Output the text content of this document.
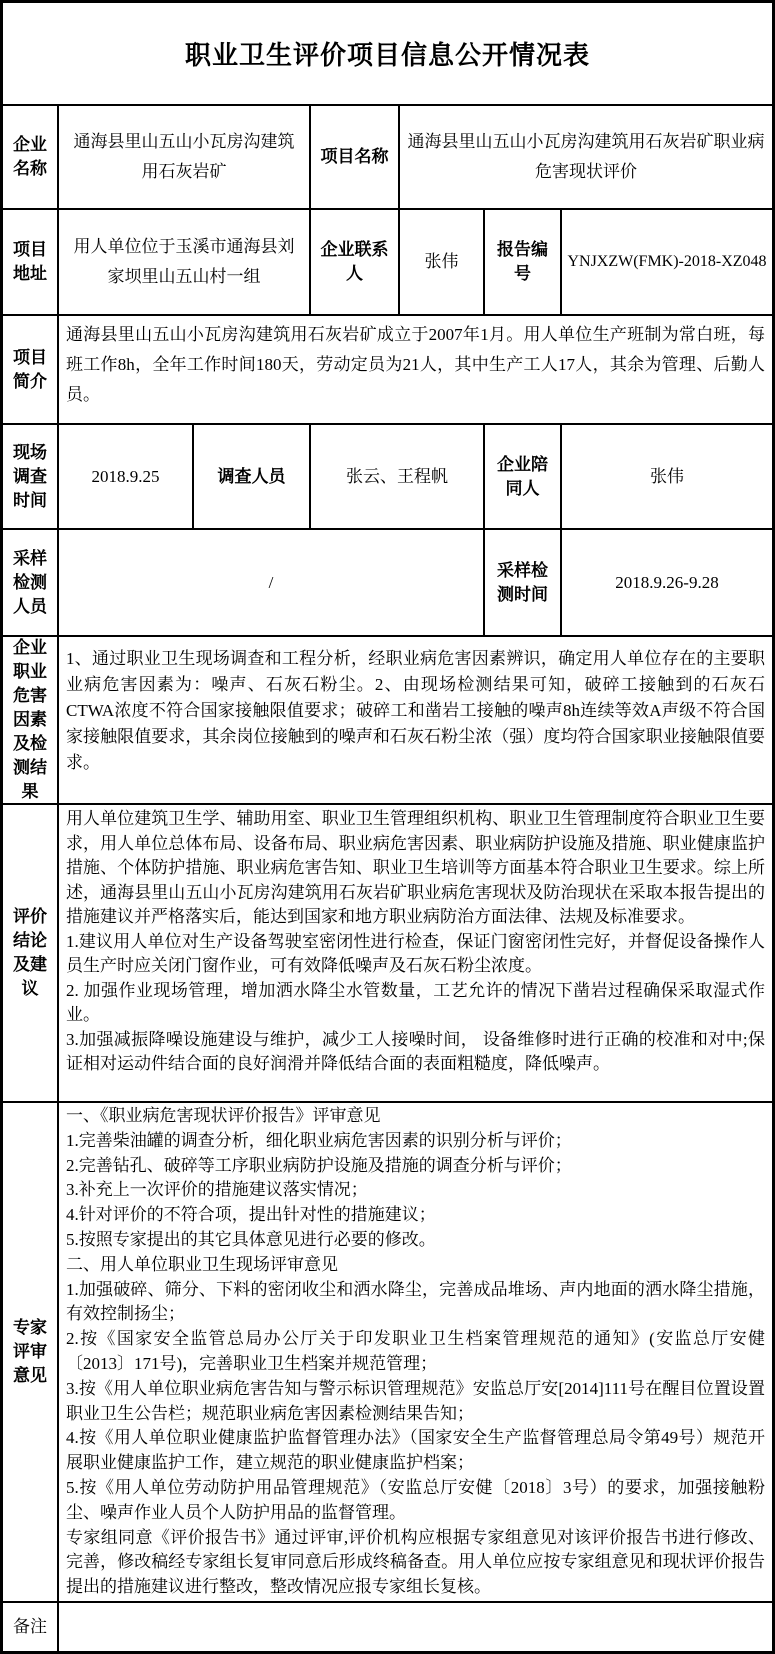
职业卫生评价项目信息公开情况表
企业名称
通海县里山五山小瓦房沟建筑用石灰岩矿
项目名称
通海县里山五山小瓦房沟建筑用石灰岩矿职业病危害现状评价
项目地址
用人单位位于玉溪市通海县刘家坝里山五山村一组
企业联系人
张伟
报告编号
YNJXZW(FMK)-2018-XZ048
项目简介
通海县里山五山小瓦房沟建筑用石灰岩矿成立于2007年1月。用人单位生产班制为常白班，每班工作8h，全年工作时间180天，劳动定员为21人，其中生产工人17人，其余为管理、后勤人员。
现场调查时间
2018.9.25	调查人员	张云、王程帆
企业陪同人
张伟
采样检测人员
/
采样检测时间
2018.9.26-9.28
企业职业危害因素及检测结果
1、通过职业卫生现场调查和工程分析，经职业病危害因素辨识，确定用人单位存在的主要职业病危害因素为：噪声、石灰石粉尘。2、由现场检测结果可知，破碎工接触到的石灰石CTWA浓度不符合国家接触限值要求；破碎工和凿岩工接触的噪声8h连续等效A声级不符合国家接触限值要求，其余岗位接触到的噪声和石灰石粉尘浓（强）度均符合国家职业接触限值要求。
评价结论及建议
用人单位建筑卫生学、辅助用室、职业卫生管理组织机构、职业卫生管理制度符合职业卫生要求，用人单位总体布局、设备布局、职业病危害因素、职业病防护设施及措施、职业健康监护措施、个体防护措施、职业病危害告知、职业卫生培训等方面基本符合职业卫生要求。综上所述，通海县里山五山小瓦房沟建筑用石灰岩矿职业病危害现状及防治现状在采取本报告提出的措施建议并严格落实后，能达到国家和地方职业病防治方面法律、法规及标准要求。
1.建议用人单位对生产设备驾驶室密闭性进行检查，保证门窗密闭性完好，并督促设备操作人员生产时应关闭门窗作业，可有效降低噪声及石灰石粉尘浓度。
2. 加强作业现场管理，增加洒水降尘水管数量，工艺允许的情况下凿岩过程确保采取湿式作业。
3.加强减振降噪设施建设与维护，减少工人接噪时间， 设备维修时进行正确的校准和对中;保证相对运动件结合面的良好润滑并降低结合面的表面粗糙度，降低噪声。
专家评审意见
一、《职业病危害现状评价报告》评审意见
1.完善柴油罐的调查分析，细化职业病危害因素的识别分析与评价；
2.完善钻孔、破碎等工序职业病防护设施及措施的调查分析与评价；
3.补充上一次评价的措施建议落实情况；
4.针对评价的不符合项，提出针对性的措施建议；
5.按照专家提出的其它具体意见进行必要的修改。
二、用人单位职业卫生现场评审意见
1.加强破碎、筛分、下料的密闭收尘和洒水降尘，完善成品堆场、声内地面的洒水降尘措施，有效控制扬尘；
2.按《国家安全监管总局办公厅关于印发职业卫生档案管理规范的通知》(安监总厅安健〔2013〕171号)，完善职业卫生档案并规范管理；
3.按《用人单位职业病危害告知与警示标识管理规范》安监总厅安[2014]111号在醒目位置设置职业卫生公告栏；规范职业病危害因素检测结果告知；
4.按《用人单位职业健康监护监督管理办法》（国家安全生产监督管理总局令第49号）规范开展职业健康监护工作，建立规范的职业健康监护档案；
5.按《用人单位劳动防护用品管理规范》（安监总厅安健〔2018〕3号）的要求，加强接触粉尘、噪声作业人员个人防护用品的监督管理。
专家组同意《评价报告书》通过评审,评价机构应根据专家组意见对该评价报告书进行修改、完善，修改稿经专家组长复审同意后形成终稿备查。用人单位应按专家组意见和现状评价报告提出的措施建议进行整改，整改情况应报专家组长复核。
备注
